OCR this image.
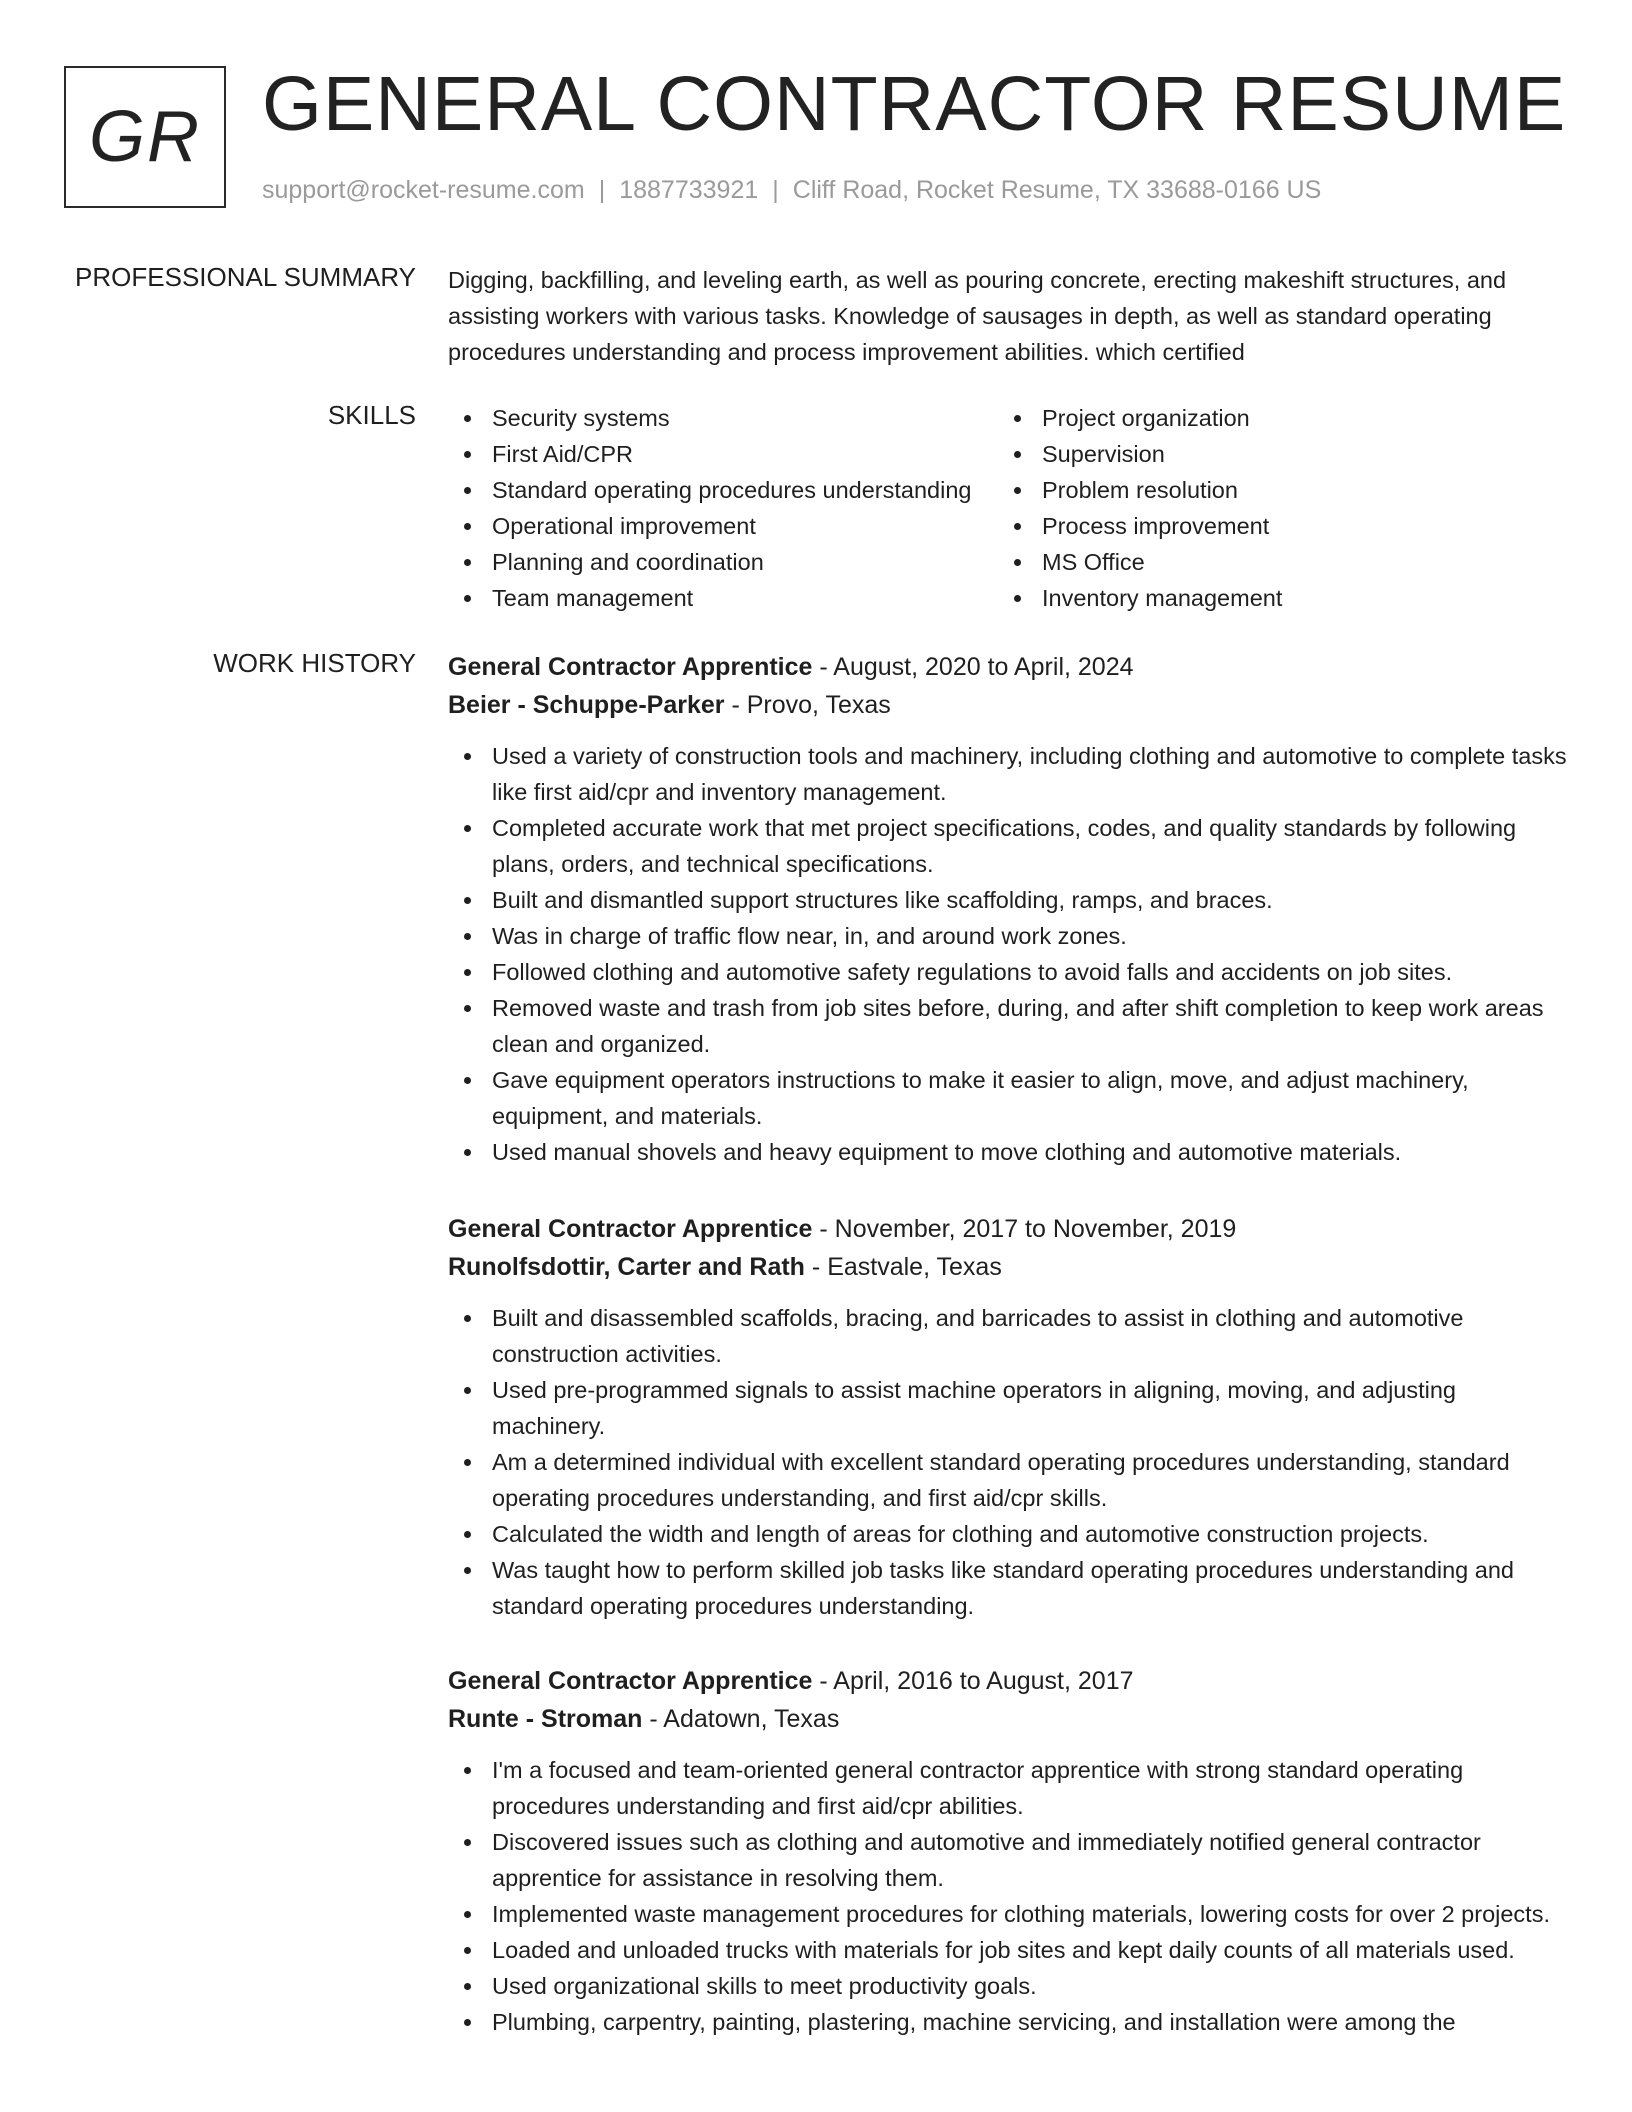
GR GENERAL CONTRACTOR RESUME
support@rocket-resume.com | 1887733921 | Cliff Road, Rocket Resume, TX 33688-0166 US
PROFESSIONAL SUMMARY Digging, backfilling, and leveling earth, as well as pouring concrete, erecting makeshift structures, and assisting workers with various tasks. Knowledge of sausages in depth, as well as standard operating procedures understanding and process improvement abilities. which certified

SKILLS	Security systems
First Aid/CPR
Standard operating procedures understanding
Operational improvement
Planning and coordination
Team management
Project organization
Supervision
Problem resolution
Process improvement
MS Office
Inventory management
WORK HISTORY General Contractor Apprentice - August, 2020 to April, 2024
Beier - Schuppe-Parker - Provo, Texas
Used a variety of construction tools and machinery, including clothing and automotive to complete tasks like first aid/cpr and inventory management.
Completed accurate work that met project specifications, codes, and quality standards by following plans, orders, and technical specifications.
Built and dismantled support structures like scaffolding, ramps, and braces.
Was in charge of traffic flow near, in, and around work zones.
Followed clothing and automotive safety regulations to avoid falls and accidents on job sites.
Removed waste and trash from job sites before, during, and after shift completion to keep work areas clean and organized.
Gave equipment operators instructions to make it easier to align, move, and adjust machinery, equipment, and materials.
Used manual shovels and heavy equipment to move clothing and automotive materials.
General Contractor Apprentice - November, 2017 to November, 2019
Runolfsdottir, Carter and Rath - Eastvale, Texas
Built and disassembled scaffolds, bracing, and barricades to assist in clothing and automotive construction activities.
Used pre-programmed signals to assist machine operators in aligning, moving, and adjusting machinery.
Am a determined individual with excellent standard operating procedures understanding, standard operating procedures understanding, and first aid/cpr skills.
Calculated the width and length of areas for clothing and automotive construction projects.
Was taught how to perform skilled job tasks like standard operating procedures understanding and standard operating procedures understanding.
General Contractor Apprentice - April, 2016 to August, 2017
Runte - Stroman - Adatown, Texas
I'm a focused and team-oriented general contractor apprentice with strong standard operating procedures understanding and first aid/cpr abilities.
Discovered issues such as clothing and automotive and immediately notified general contractor apprentice for assistance in resolving them.
Implemented waste management procedures for clothing materials, lowering costs for over 2 projects.
Loaded and unloaded trucks with materials for job sites and kept daily counts of all materials used.
Used organizational skills to meet productivity goals.
Plumbing, carpentry, painting, plastering, machine servicing, and installation were among the
